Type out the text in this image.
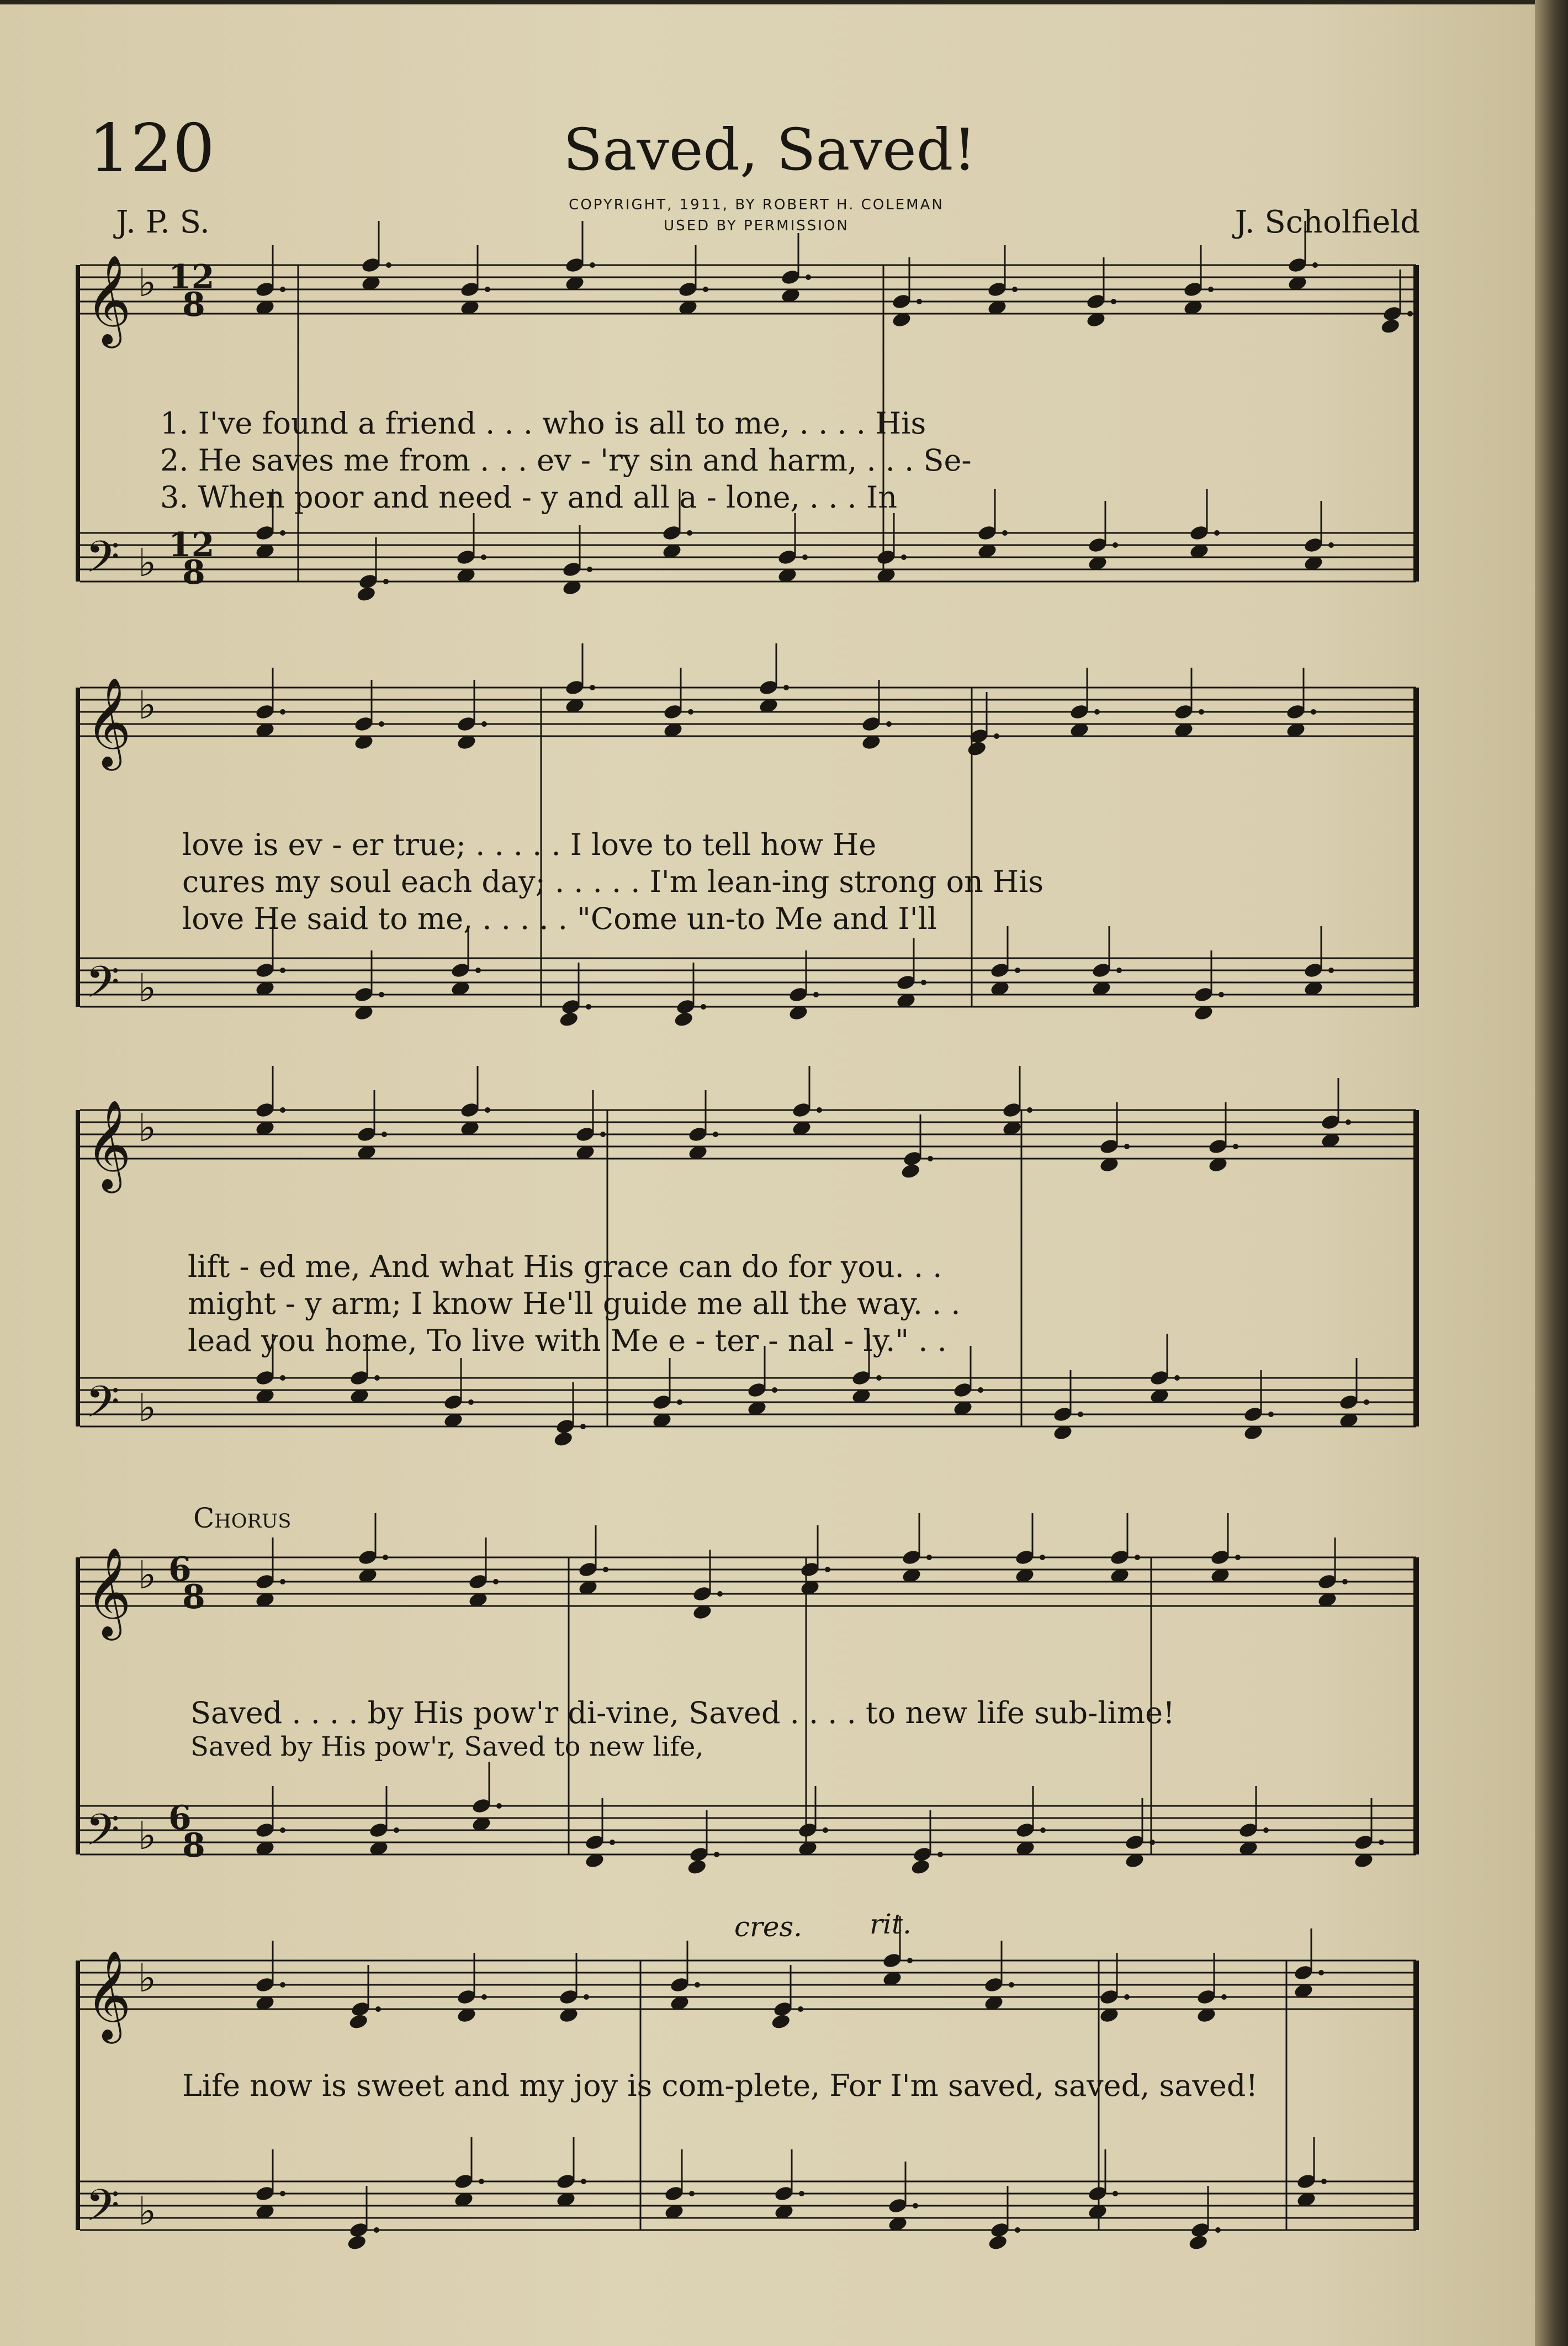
120	Saved, Saved!
J. P. S.	COPYRIGHT, 1911, BY ROBERT H. COLEMAN
USED BY PERMISSION	J. Scholfield
𝄞 ♭ 12
8
𝄢 ♭ 12
8
𝄞 ♭
𝄢 ♭
𝄞 ♭
𝄢 ♭
𝄞 ♭ 6
8
𝄢 ♭ 6
8
𝄞 ♭
𝄢 ♭
1. I've found a friend . . . who is all to me, . . . . His
2. He saves me from . . . ev - 'ry sin and harm, . . . Se-
3. When poor and need - y and all a - lone, . . . In
love is ev - er true; . . . . . I love to tell how He
cures my soul each day; . . . . . I'm lean-ing strong on His
love He said to me, . . . . . "Come un-to Me and I'll
lift - ed me, And what His grace can do for you. . .
might - y arm; I know He'll guide me all the way. . .
lead you home, To live with Me e - ter - nal - ly." . .
Chorus
Saved . . . . by His pow'r di-vine, Saved . . . . to new life sub-lime!
Saved by His pow'r, Saved to new life,
cres. rit.
Life now is sweet and my joy is com-plete, For I'm saved, saved, saved!
